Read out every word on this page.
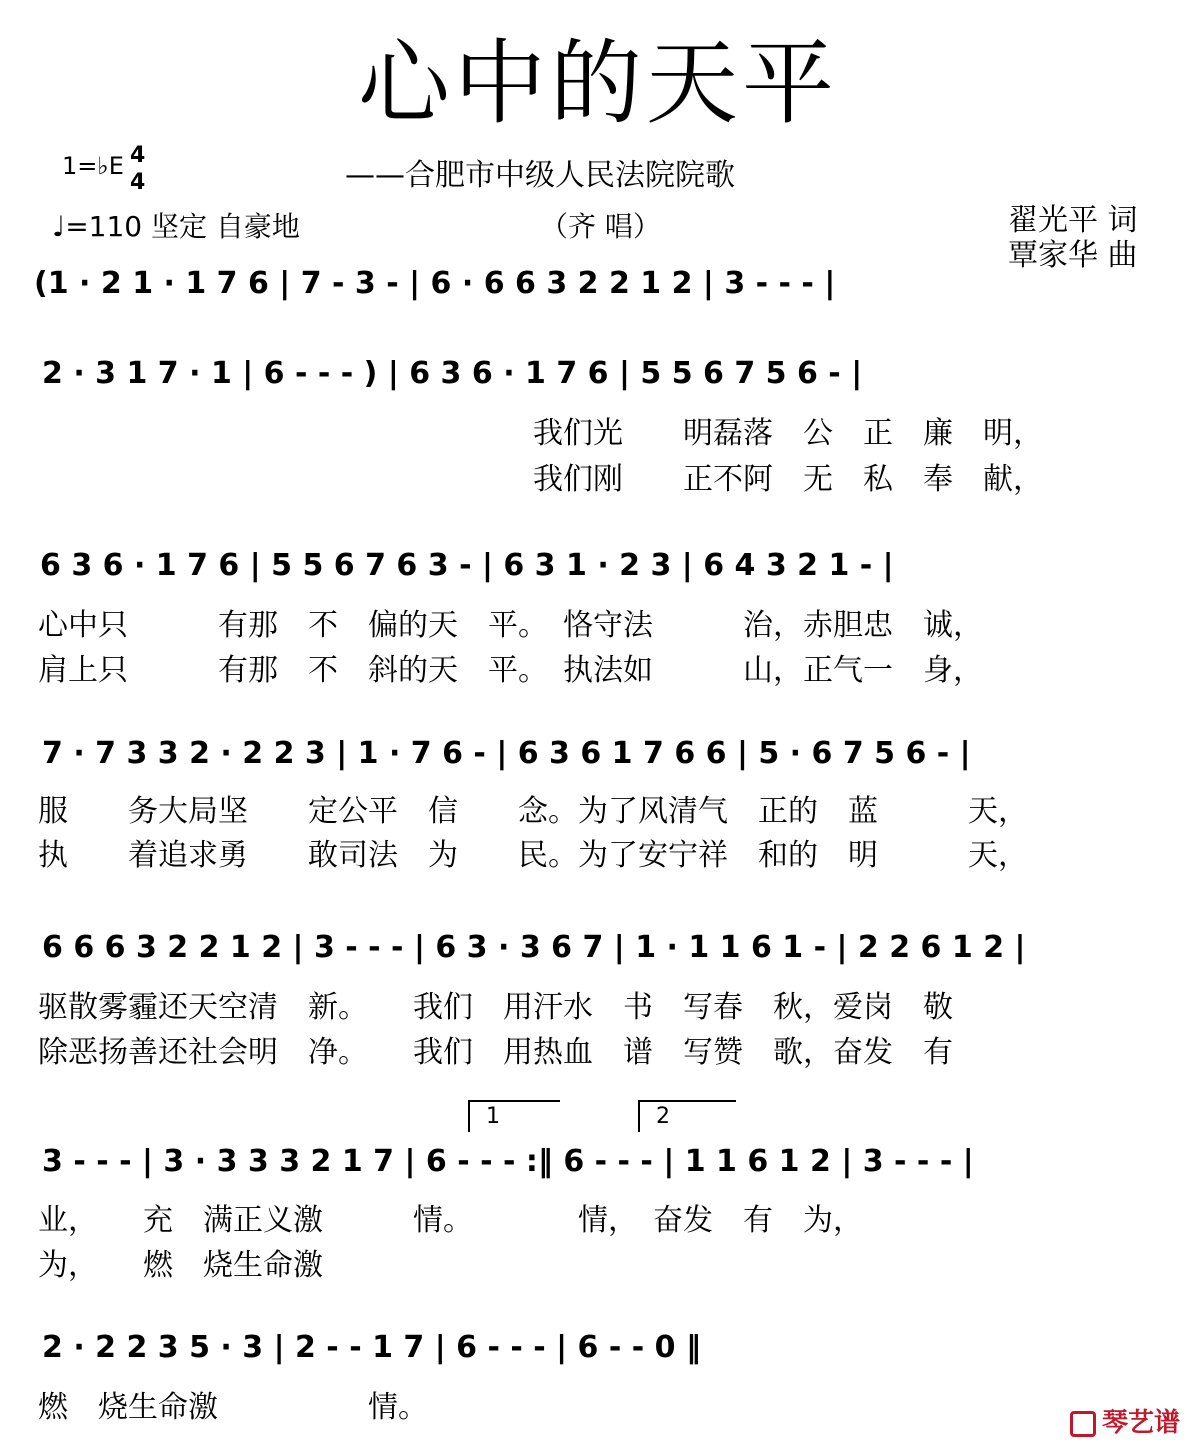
心中的天平
1=♭E 4
4	——合肥市中级人民法院院歌
♩=110 坚定 自豪地	（齐 唱）	翟光平 词
覃家华 曲
(1 · 2 1 · 1 7 6 | 7 - 3 - | 6 · 6 6 3 2 2 1 2 | 3 - - - |
2 · 3 1 7 · 1 | 6 - - - ) | 6 3 6 · 1 7 6 | 5 5 6 7 5 6 - |
我们光　　明磊落　公　正　廉　明，
我们刚　　正不阿　无　私　奉　献，
6 3 6 · 1 7 6 | 5 5 6 7 6 3 - | 6 3 1 · 2 3 | 6 4 3 2 1 - |
心中只　　　有那　不　偏的天　平。　恪守法　　　治，赤胆忠　诚，
肩上只　　　有那　不　斜的天　平。　执法如　　　山，正气一　身，
7 · 7 3 3 2 · 2 2 3 | 1 · 7 6 - | 6 3 6 1 7 6 6 | 5 · 6 7 5 6 - |
服　　务大局坚　　定公平　信　　念。为了风清气　正的　蓝　　　天，
执　　着追求勇　　敢司法　为　　民。为了安宁祥　和的　明　　　天，
6 6 6 3 2 2 1 2 | 3 - - - | 6 3 · 3 6 7 | 1 · 1 1 6 1 - | 2 2 6 1 2 |
驱散雾霾还天空清　新。　　我们　用汗水　书　写春　秋，爱岗　敬
除恶扬善还社会明　净。　　我们　用热血　谱　写赞　歌，奋发　有
1	2
3 - - - | 3 · 3 3 3 2 1 7 | 6 - - - :‖ 6 - - - | 1 1 6 1 2 | 3 - - - |
业，　　充　满正义激　　　情。　　　　情，　奋发　有　为，
为，　　燃　烧生命激
2 · 2 2 3 5 · 3 | 2 - - 1 7 | 6 - - - | 6 - - 0 ‖
燃　烧生命激　　　　　情。	琴艺谱
